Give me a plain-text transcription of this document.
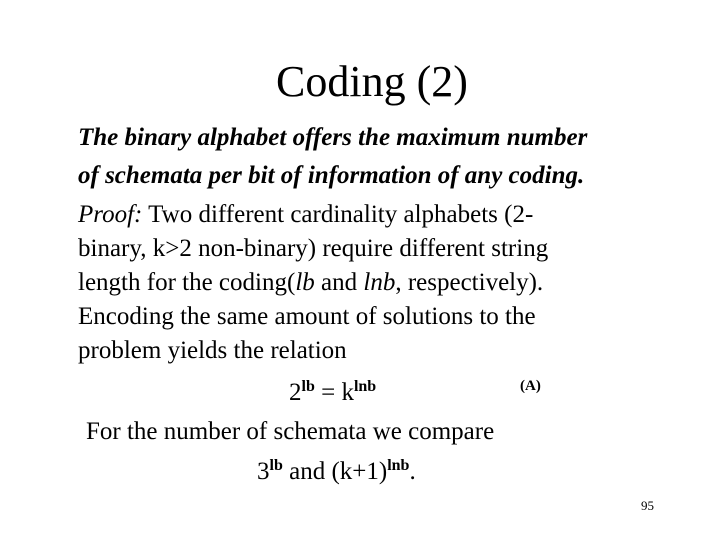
Coding (2)
The binary alphabet offers the maximum number
of schemata per bit of information of any coding.
Proof: Two different cardinality alphabets (2-
binary, k>2 non-binary) require different string
length for the coding(lb and lnb, respectively).
Encoding the same amount of solutions to the
problem yields the relation
$2^{lb} = k^{lnb}$	(A)
For the number of schemata we compare
$3^{lb}$ and $(k+1)^{lnb}$.
95
